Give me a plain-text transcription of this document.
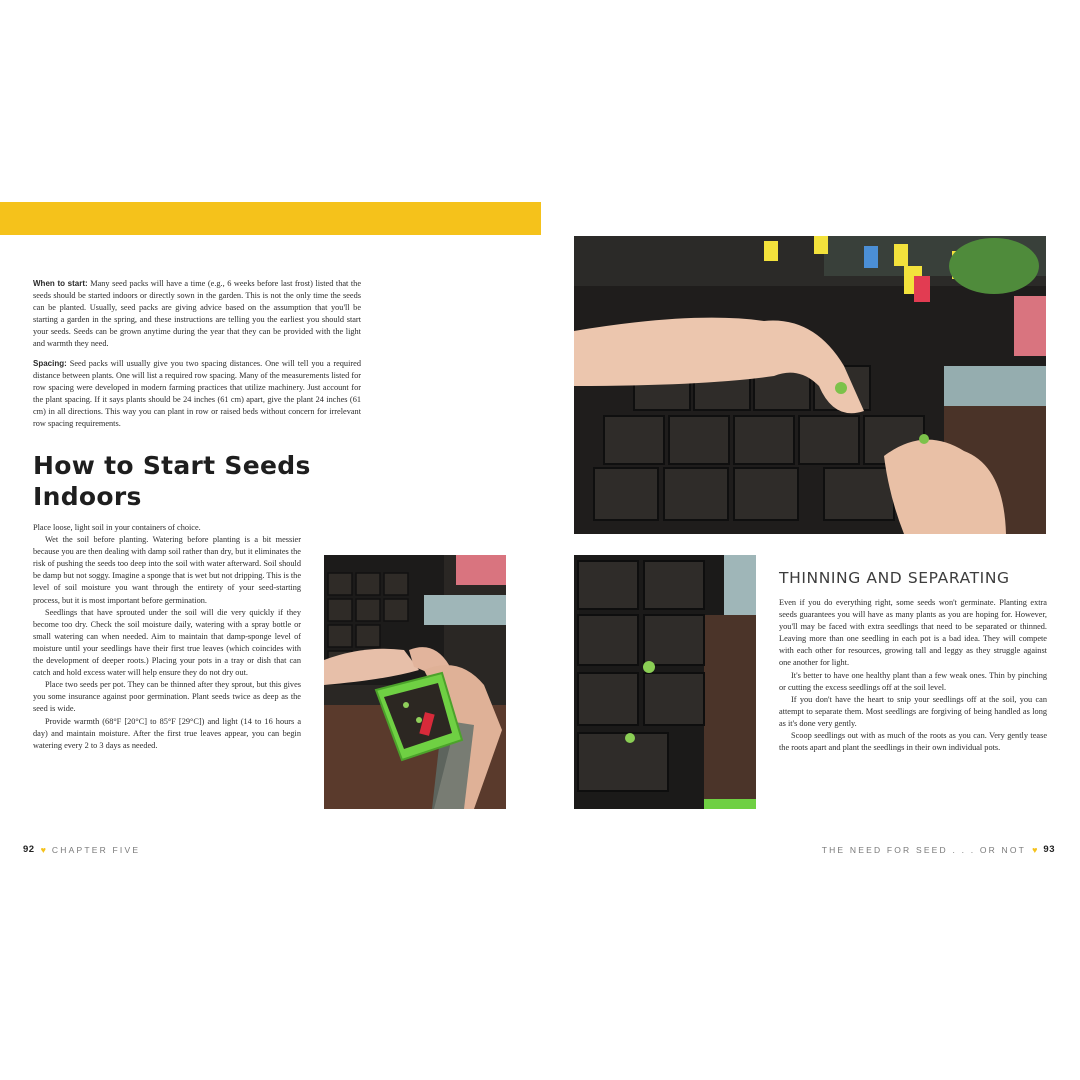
When to start: Many seed packs will have a time (e.g., 6 weeks before last frost) listed that the seeds should be started indoors or directly sown in the garden. This is not the only time the seeds can be planted. Usually, seed packs are giving advice based on the assumption that you'll be starting a garden in the spring, and these instructions are telling you the earliest you should start your seeds. Seeds can be grown anytime during the year that they can be provided with the light and warmth they need.

Spacing: Seed packs will usually give you two spacing distances. One will tell you a required distance between plants. One will list a required row spacing. Many of the measurements listed for row spacing were developed in modern farming practices that utilize machinery. Just account for the plant spacing. If it says plants should be 24 inches (61 cm) apart, give the plant 24 inches (61 cm) in all directions. This way you can plant in row or raised beds without concern for irrelevant row spacing requirements.

How to Start Seeds Indoors

Place loose, light soil in your containers of choice.

Wet the soil before planting. Watering before planting is a bit messier because you are then dealing with damp soil rather than dry, but it eliminates the risk of pushing the seeds too deep into the soil with water afterward. Soil should be damp but not soggy. Imagine a sponge that is wet but not dripping. This is the level of soil moisture you want through the entirety of your seed-starting process, but it is most important before germination.

Seedlings that have sprouted under the soil will die very quickly if they become too dry. Check the soil moisture daily, watering with a spray bottle or small watering can when needed. Aim to maintain that damp-sponge level of moisture until your seedlings have their first true leaves (which coincides with the development of deeper roots.) Placing your pots in a tray or dish that can catch and hold excess water will help ensure they do not dry out.

Place two seeds per pot. They can be thinned after they sprout, but this gives you some insurance against poor germination. Plant seeds twice as deep as the seed is wide.

Provide warmth (68°F [20°C] to 85°F [29°C]) and light (14 to 16 hours a day) and maintain moisture. After the first true leaves appear, you can begin watering every 2 to 3 days as needed.

THINNING AND SEPARATING

Even if you do everything right, some seeds won't germinate. Planting extra seeds guarantees you will have as many plants as you are hoping for. However, you'll may be faced with extra seedlings that need to be separated or thinned. Leaving more than one seedling in each pot is a bad idea. They will compete with each other for resources, growing tall and leggy as they struggle against one another for light.

It's better to have one healthy plant than a few weak ones. Thin by pinching or cutting the excess seedlings off at the soil level.

If you don't have the heart to snip your seedlings off at the soil, you can attempt to separate them. Most seedlings are forgiving of being handled as long as it's done very gently.

Scoop seedlings out with as much of the roots as you can. Very gently tease the roots apart and plant the seedlings in their own individual pots.

92 ♥ CHAPTER FIVE	THE NEED FOR SEED . . . OR NOT ♥ 93
